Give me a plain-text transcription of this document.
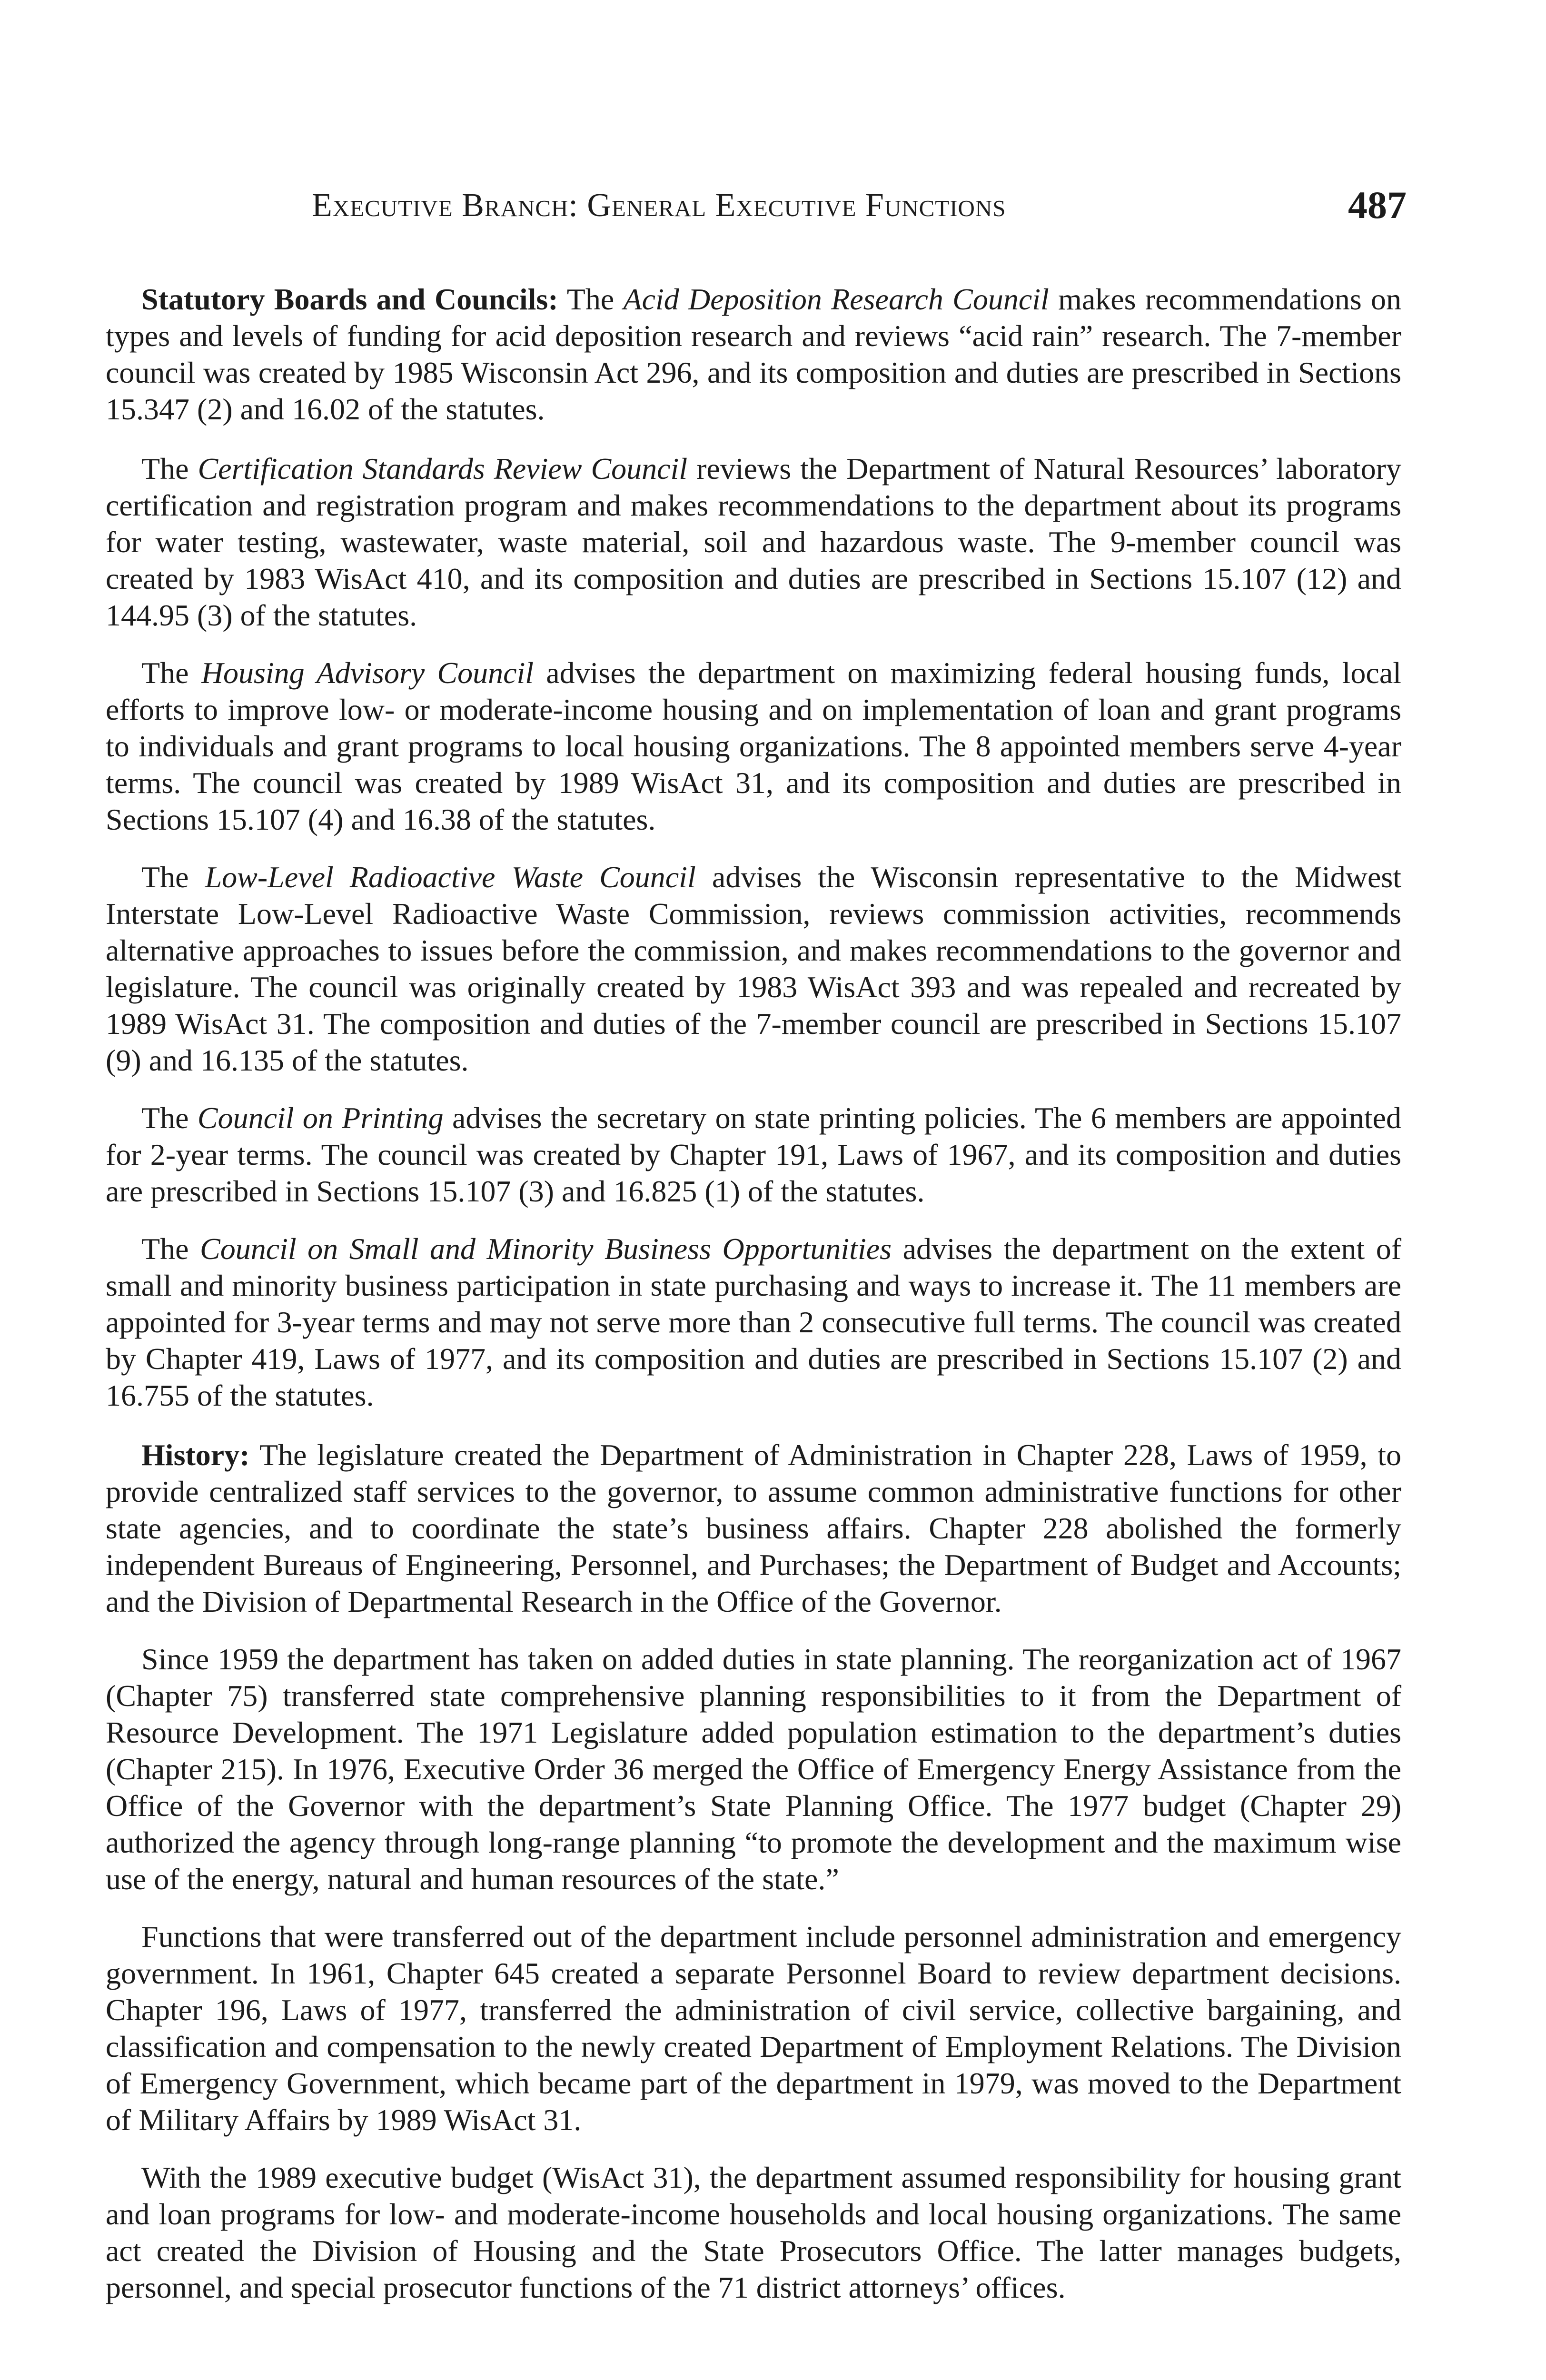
Executive Branch: General Executive Functions	487

Statutory Boards and Councils: The Acid Deposition Research Council makes recommendations on types and levels of funding for acid deposition research and reviews “acid rain” research. The 7-member council was created by 1985 Wisconsin Act 296, and its composition and duties are prescribed in Sections 15.347 (2) and 16.02 of the statutes.

The Certification Standards Review Council reviews the Department of Natural Resources’ laboratory certification and registration program and makes recommendations to the department about its programs for water testing, wastewater, waste material, soil and hazardous waste. The 9-member council was created by 1983 WisAct 410, and its composition and duties are prescribed in Sections 15.107 (12) and 144.95 (3) of the statutes.

The Housing Advisory Council advises the department on maximizing federal housing funds, local efforts to improve low- or moderate-income housing and on implementation of loan and grant programs to individuals and grant programs to local housing organizations. The 8 appointed members serve 4-year terms. The council was created by 1989 WisAct 31, and its composition and duties are prescribed in Sections 15.107 (4) and 16.38 of the statutes.

The Low-Level Radioactive Waste Council advises the Wisconsin representative to the Midwest Interstate Low-Level Radioactive Waste Commission, reviews commission activities, recommends alternative approaches to issues before the commission, and makes recommendations to the governor and legislature. The council was originally created by 1983 WisAct 393 and was repealed and recreated by 1989 WisAct 31. The composition and duties of the 7-member council are prescribed in Sections 15.107 (9) and 16.135 of the statutes.

The Council on Printing advises the secretary on state printing policies. The 6 members are appointed for 2-year terms. The council was created by Chapter 191, Laws of 1967, and its composition and duties are prescribed in Sections 15.107 (3) and 16.825 (1) of the statutes.

The Council on Small and Minority Business Opportunities advises the department on the extent of small and minority business participation in state purchasing and ways to increase it. The 11 members are appointed for 3-year terms and may not serve more than 2 consecutive full terms. The council was created by Chapter 419, Laws of 1977, and its composition and duties are prescribed in Sections 15.107 (2) and 16.755 of the statutes.

History: The legislature created the Department of Administration in Chapter 228, Laws of 1959, to provide centralized staff services to the governor, to assume common administrative functions for other state agencies, and to coordinate the state’s business affairs. Chapter 228 abolished the formerly independent Bureaus of Engineering, Personnel, and Purchases; the Department of Budget and Accounts; and the Division of Departmental Research in the Office of the Governor.

Since 1959 the department has taken on added duties in state planning. The reorganization act of 1967 (Chapter 75) transferred state comprehensive planning responsibilities to it from the Department of Resource Development. The 1971 Legislature added population estimation to the department’s duties (Chapter 215). In 1976, Executive Order 36 merged the Office of Emergency Energy Assistance from the Office of the Governor with the department’s State Planning Office. The 1977 budget (Chapter 29) authorized the agency through long-range planning “to promote the development and the maximum wise use of the energy, natural and human resources of the state.”

Functions that were transferred out of the department include personnel administration and emergency government. In 1961, Chapter 645 created a separate Personnel Board to review department decisions. Chapter 196, Laws of 1977, transferred the administration of civil service, collective bargaining, and classification and compensation to the newly created Department of Employment Relations. The Division of Emergency Government, which became part of the department in 1979, was moved to the Department of Military Affairs by 1989 WisAct 31.

With the 1989 executive budget (WisAct 31), the department assumed responsibility for housing grant and loan programs for low- and moderate-income households and local housing organizations. The same act created the Division of Housing and the State Prosecutors Office. The latter manages budgets, personnel, and special prosecutor functions of the 71 district attorneys’ offices.
